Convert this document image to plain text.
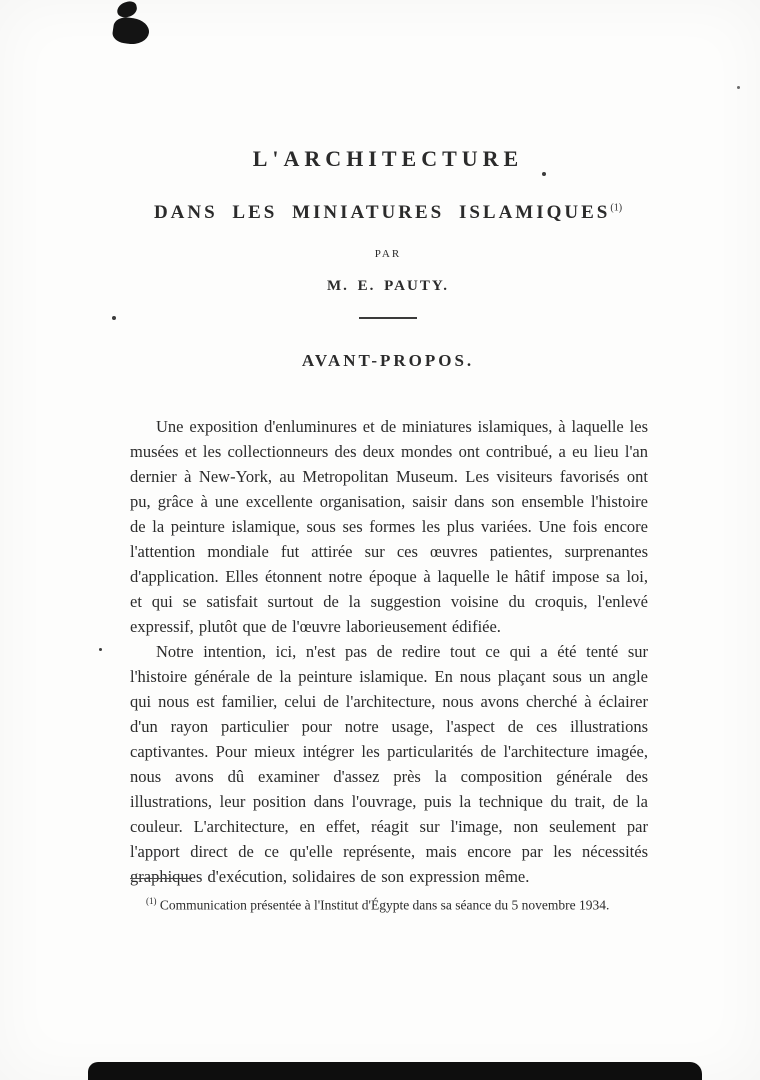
L'ARCHITECTURE
DANS LES MINIATURES ISLAMIQUES$^{(1)}$
PAR
M. E. PAUTY.
AVANT-PROPOS.

Une exposition d'enluminures et de miniatures islamiques, à laquelle les musées et les collectionneurs des deux mondes ont contribué, a eu lieu l'an dernier à New-York, au Metropolitan Museum. Les visiteurs favorisés ont pu, grâce à une excellente organisation, saisir dans son ensemble l'histoire de la peinture islamique, sous ses formes les plus variées. Une fois encore l'attention mondiale fut attirée sur ces œuvres patientes, surprenantes d'application. Elles étonnent notre époque à laquelle le hâtif impose sa loi, et qui se satisfait surtout de la suggestion voisine du croquis, l'enlevé expressif, plutôt que de l'œuvre laborieusement édifiée.

Notre intention, ici, n'est pas de redire tout ce qui a été tenté sur l'histoire générale de la peinture islamique. En nous plaçant sous un angle qui nous est familier, celui de l'architecture, nous avons cherché à éclairer d'un rayon particulier pour notre usage, l'aspect de ces illustrations captivantes. Pour mieux intégrer les particularités de l'architecture imagée, nous avons dû examiner d'assez près la composition générale des illustrations, leur position dans l'ouvrage, puis la technique du trait, de la couleur. L'architecture, en effet, réagit sur l'image, non seulement par l'apport direct de ce qu'elle représente, mais encore par les nécessités graphiques d'exécution, solidaires de son expression même.

$^{(1)}$ Communication présentée à l'Institut d'Égypte dans sa séance du 5 novembre 1934.
